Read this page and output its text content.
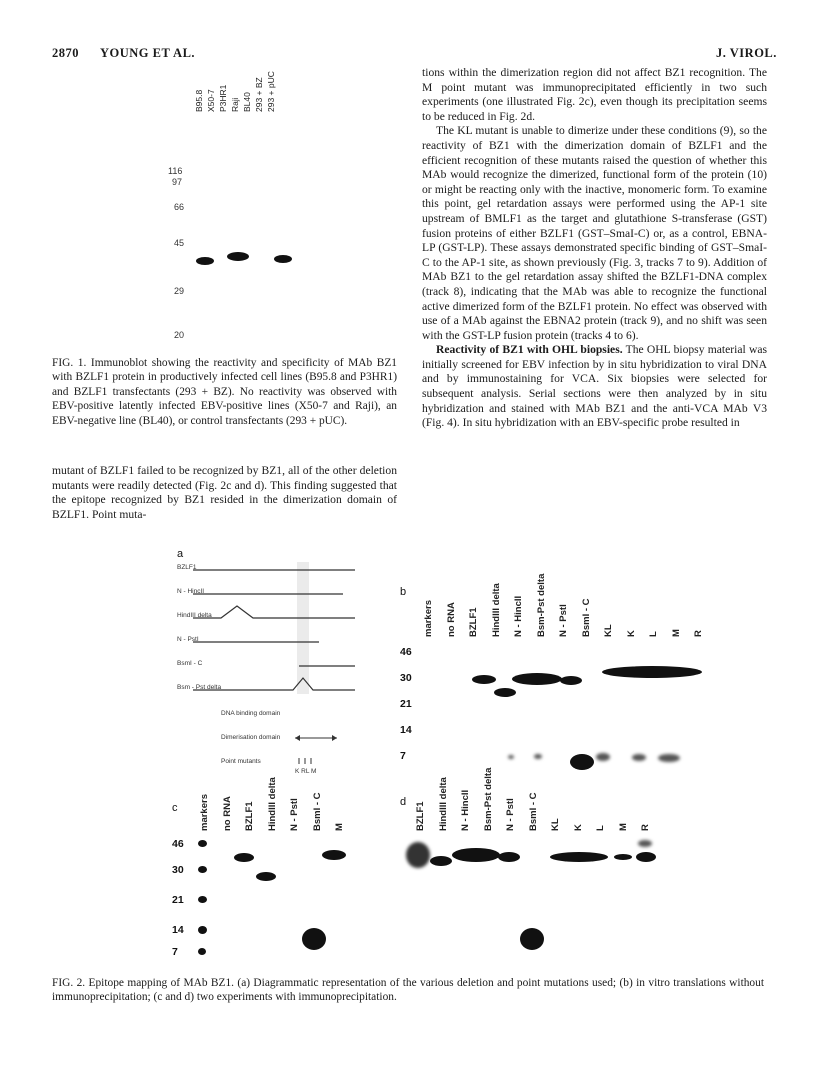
2870 YOUNG ET AL.	J. VIROL.
B95.8 X50-7 P3HR1 Raji BL40 293 + BZ 293 + pUC
116
97
66
45
29
20
FIG. 1. Immunoblot showing the reactivity and specificity of MAb BZ1 with BZLF1 protein in productively infected cell lines (B95.8 and P3HR1) and BZLF1 transfectants (293 + BZ). No reactivity was observed with EBV-positive latently infected EBV-positive lines (X50-7 and Raji), an EBV-negative line (BL40), or control transfectants (293 + pUC).

mutant of BZLF1 failed to be recognized by BZ1, all of the other deletion mutants were readily detected (Fig. 2c and d). This finding suggested that the epitope recognized by BZ1 resided in the dimerization domain of BZLF1. Point muta-

tions within the dimerization region did not affect BZ1 recognition. The M point mutant was immunoprecipitated efficiently in two such experiments (one illustrated Fig. 2c), even though its precipitation seems to be reduced in Fig. 2d.

The KL mutant is unable to dimerize under these conditions (9), so the reactivity of BZ1 with the dimerization domain of BZLF1 and the efficient recognition of these mutants raised the question of whether this MAb would recognize the dimerized, functional form of the protein (10) or might be reacting only with the inactive, monomeric form. To examine this point, gel retardation assays were performed using the AP-1 site upstream of BMLF1 as the target and glutathione S-transferase (GST) fusion proteins of either BZLF1 (GST–SmaI-C) or, as a control, EBNA-LP (GST-LP). These assays demonstrated specific binding of GST–SmaI-C to the AP-1 site, as shown previously (Fig. 3, tracks 7 to 9). Addition of MAb BZ1 to the gel retardation assay shifted the BZLF1-DNA complex (track 8), indicating that the MAb was able to recognize the functional active dimerized form of the BZLF1 protein. No effect was observed with use of a MAb against the EBNA2 protein (track 9), and no shift was seen with the GST-LP fusion protein (tracks 4 to 6).

Reactivity of BZ1 with OHL biopsies. The OHL biopsy material was initially screened for EBV infection by in situ hybridization to viral DNA and by immunostaining for VCA. Six biopsies were selected for subsequent analysis. Serial sections were then analyzed by in situ hybridization and stained with MAb BZ1 and the anti-VCA MAb V3 (Fig. 4). In situ hybridization with an EBV-specific probe resulted in

a
BZLF1
N - HincII
HindIII delta
N - PstI
BsmI - C
Bsm - Pst delta
DNA binding domain
Dimerisation domain
Point mutants
K RL M
b
markers no RNA BZLF1 HindIII delta N - HincII Bsm-Pst delta N - PstI BsmI - C KL K L M R
46
30
21
14
7
c markers no RNA BZLF1 HindIII delta N - PstI BsmI - C M
46
30
21
14
7
d BZLF1 HindIII delta N - HincII Bsm-Pst delta N - PstI BsmI - C KL K L M R
FIG. 2. Epitope mapping of MAb BZ1. (a) Diagrammatic representation of the various deletion and point mutations used; (b) in vitro translations without immunoprecipitation; (c and d) two experiments with immunoprecipitation.
